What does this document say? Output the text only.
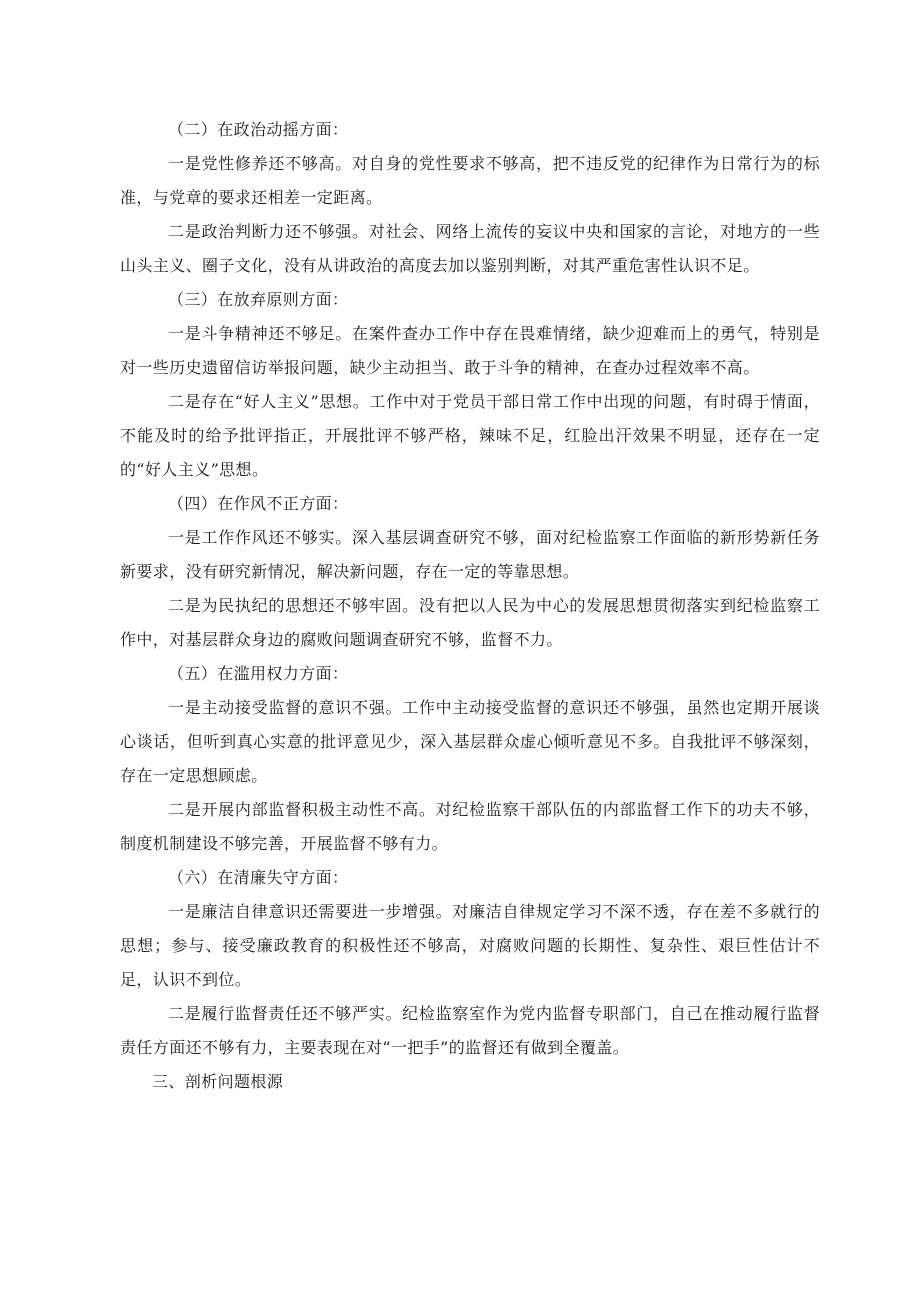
（二）在政治动摇方面：

一是党性修养还不够高。对自身的党性要求不够高，把不违反党的纪律作为日常行为的标准，与党章的要求还相差一定距离。

二是政治判断力还不够强。对社会、网络上流传的妄议中央和国家的言论，对地方的一些山头主义、圈子文化，没有从讲政治的高度去加以鉴别判断，对其严重危害性认识不足。

（三）在放弃原则方面：

一是斗争精神还不够足。在案件查办工作中存在畏难情绪，缺少迎难而上的勇气，特别是对一些历史遗留信访举报问题，缺少主动担当、敢于斗争的精神，在查办过程效率不高。

二是存在“好人主义”思想。工作中对于党员干部日常工作中出现的问题，有时碍于情面，不能及时的给予批评指正，开展批评不够严格，辣味不足，红脸出汗效果不明显，还存在一定的“好人主义”思想。

（四）在作风不正方面：

一是工作作风还不够实。深入基层调查研究不够，面对纪检监察工作面临的新形势新任务新要求，没有研究新情况，解决新问题，存在一定的等靠思想。

二是为民执纪的思想还不够牢固。没有把以人民为中心的发展思想贯彻落实到纪检监察工作中，对基层群众身边的腐败问题调查研究不够，监督不力。

（五）在滥用权力方面：

一是主动接受监督的意识不强。工作中主动接受监督的意识还不够强，虽然也定期开展谈心谈话，但听到真心实意的批评意见少，深入基层群众虚心倾听意见不多。自我批评不够深刻，存在一定思想顾虑。

二是开展内部监督积极主动性不高。对纪检监察干部队伍的内部监督工作下的功夫不够，制度机制建设不够完善，开展监督不够有力。

（六）在清廉失守方面：

一是廉洁自律意识还需要进一步增强。对廉洁自律规定学习不深不透，存在差不多就行的思想；参与、接受廉政教育的积极性还不够高，对腐败问题的长期性、复杂性、艰巨性估计不足，认识不到位。

二是履行监督责任还不够严实。纪检监察室作为党内监督专职部门，自己在推动履行监督责任方面还不够有力，主要表现在对“一把手”的监督还有做到全覆盖。

三、剖析问题根源
